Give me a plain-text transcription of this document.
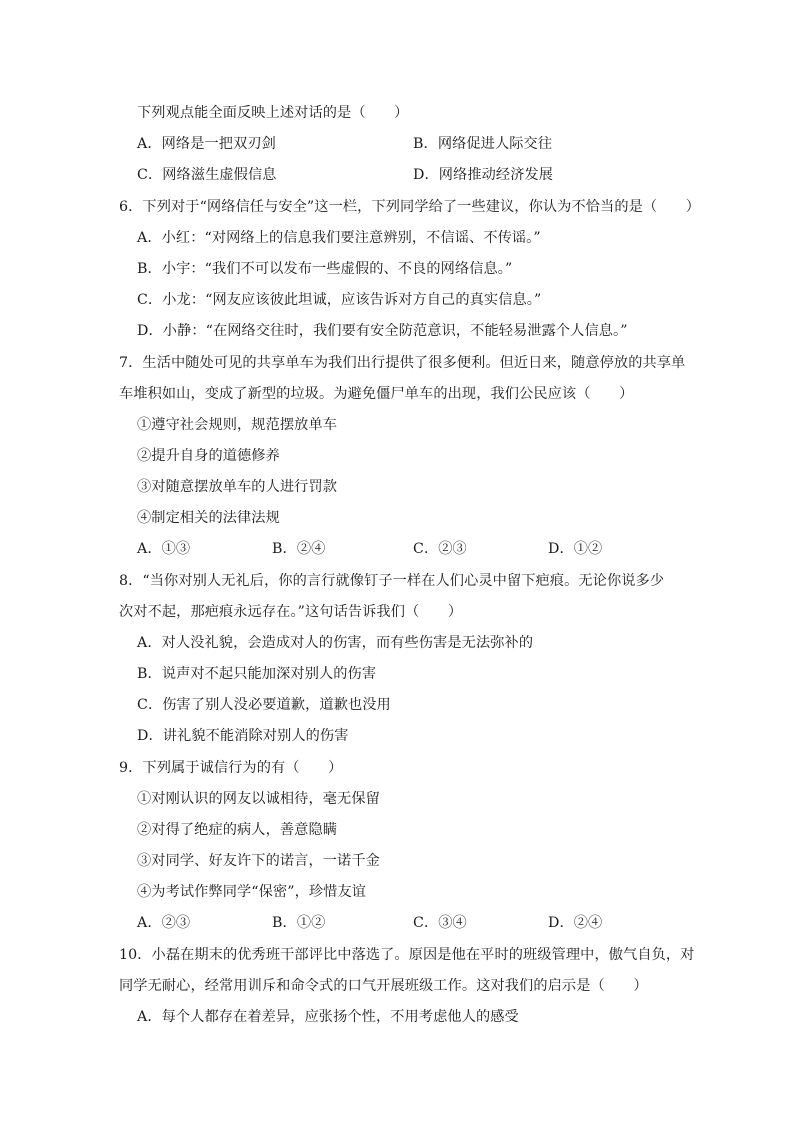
下列观点能全面反映上述对话的是（　　）
A．网络是一把双刃剑	B．网络促进人际交往
C．网络滋生虚假信息	D．网络推动经济发展
6．下列对于“网络信任与安全”这一栏，下列同学给了一些建议，你认为不恰当的是（　　）
A．小红：“对网络上的信息我们要注意辨别，不信谣、不传谣。”
B．小宇：“我们不可以发布一些虚假的、不良的网络信息。”
C．小龙：“网友应该彼此坦诚，应该告诉对方自己的真实信息。”
D．小静：“在网络交往时，我们要有安全防范意识，不能轻易泄露个人信息。”
7．生活中随处可见的共享单车为我们出行提供了很多便利。但近日来，随意停放的共享单
车堆积如山，变成了新型的垃圾。为避免僵尸单车的出现，我们公民应该（　　）
①遵守社会规则，规范摆放单车
②提升自身的道德修养
③对随意摆放单车的人进行罚款
④制定相关的法律法规
A．①③	B．②④	C．②③	D．①②
8．“当你对别人无礼后，你的言行就像钉子一样在人们心灵中留下疤痕。无论你说多少
次对不起，那疤痕永远存在。”这句话告诉我们（　　）
A．对人没礼貌，会造成对人的伤害，而有些伤害是无法弥补的
B．说声对不起只能加深对别人的伤害
C．伤害了别人没必要道歉，道歉也没用
D．讲礼貌不能消除对别人的伤害
9．下列属于诚信行为的有（　　）
①对刚认识的网友以诚相待，毫无保留
②对得了绝症的病人，善意隐瞒
③对同学、好友许下的诺言，一诺千金
④为考试作弊同学“保密”，珍惜友谊
A．②③	B．①②	C．③④	D．②④
10．小磊在期末的优秀班干部评比中落选了。原因是他在平时的班级管理中，傲气自负，对
同学无耐心，经常用训斥和命令式的口气开展班级工作。这对我们的启示是（　　）
A．每个人都存在着差异，应张扬个性，不用考虑他人的感受
